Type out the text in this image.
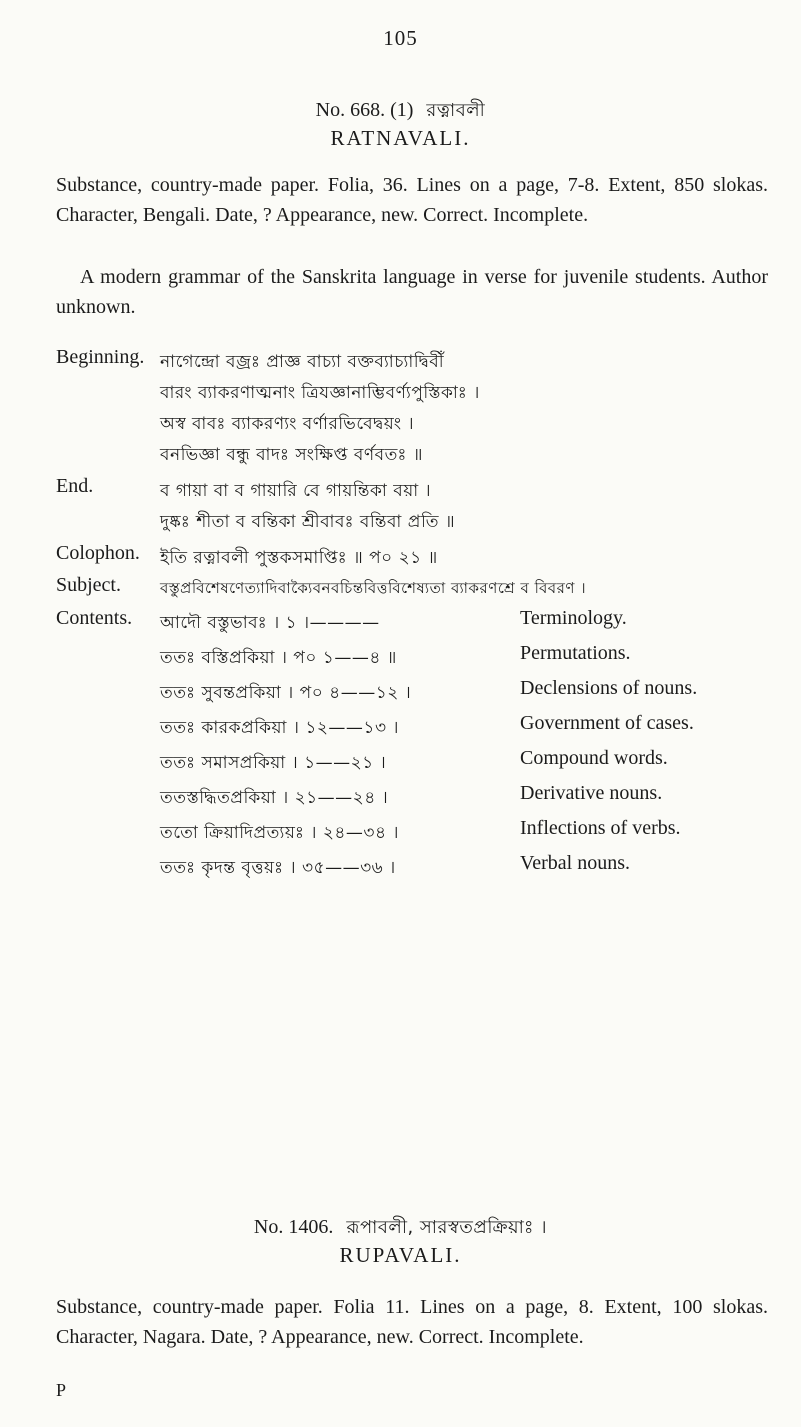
105
No. 668. (1) রত্নাবলী
RATNAVALI.
Substance, country-made paper. Folia, 36. Lines on a page, 7-8. Extent, 850 slokas. Character, Bengali. Date, ? Appearance, new. Correct. Incomplete.
A modern grammar of the Sanskrita language in verse for juvenile students. Author unknown.
Beginning. নাগেন্দ্রো বজ্রঃ প্রাজ্ঞ বাচ্যা বক্তব্যাচ্যাদ্বিবীঁ
বারং ব্যাকরণাত্মনাং ত্রিযজ্ঞানাম্ভিবর্ণ্যপুস্তিকাঃ ।
অস্ব বাবঃ ব্যাকরণ্যং বর্ণারভিবেদ্বয়ং ।
বনভিজ্ঞা বন্ধু বাদঃ সংক্ষিপ্ত বর্ণবতঃ ॥
End.	ব গায়া বা ব গায়ারি বে গায়ন্তিকা বয়া ।
দুষ্কঃ শীতা ব বন্তিকা শ্রীবাবঃ বন্তিবা প্রতি ॥
Colophon. ইতি রত্নাবলী পুস্তকসমাপ্তিঃ ॥ প০ ২১ ॥
Subject.	বস্তুপ্রবিশেষণেত্যাদিবাক্যৈবনবচিন্তবিত্তবিশেষ্যতা ব্যাকরণশ্রে ব বিবরণ ।
Contents. আদৌ বস্তুভাবঃ । ১ ।————	Terminology.
ততঃ বস্তিপ্রকিয়া । প০ ১——৪ ॥	Permutations.
ততঃ সুবন্তপ্রকিয়া । প০ ৪——১২ ।	Declensions of nouns.
ততঃ কারকপ্রকিয়া । ১২——১৩ ।	Government of cases.
ততঃ সমাসপ্রকিয়া । ১——২১ ।	Compound words.
ততস্তদ্ধিতপ্রকিয়া । ২১——২৪ ।	Derivative nouns.
ততো ক্রিয়াদিপ্রত্যয়ঃ । ২৪—৩৪ ।	Inflections of verbs.
ততঃ কৃদন্ত বৃত্তয়ঃ । ৩৫——৩৬ ।	Verbal nouns.
No. 1406. রূপাবলী, সারস্বতপ্রক্রিয়াঃ ।
RUPAVALI.
Substance, country-made paper. Folia 11. Lines on a page, 8. Extent, 100 slokas. Character, Nagara. Date, ? Appearance, new. Correct. Incomplete.
P
